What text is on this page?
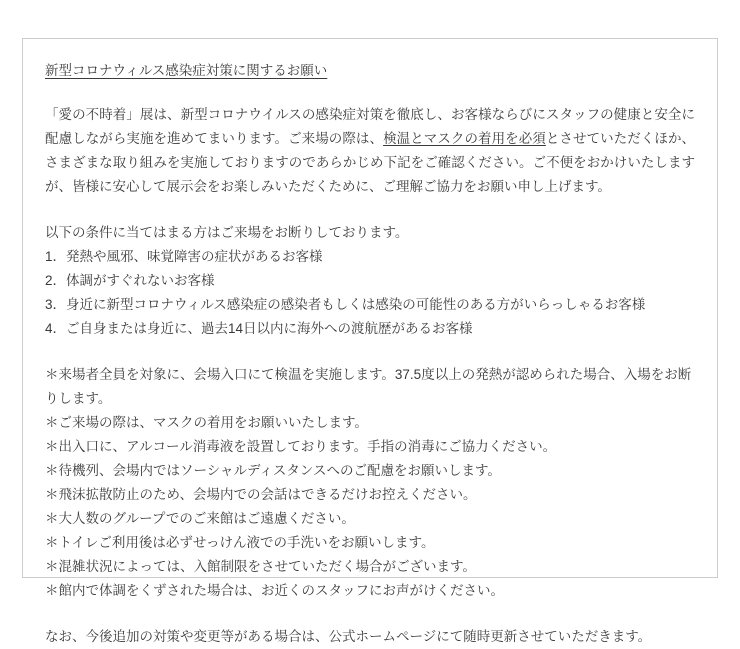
新型コロナウィルス感染症対策に関するお願い

「愛の不時着」展は、新型コロナウイルスの感染症対策を徹底し、お客様ならびにスタッフの健康と安全に配慮しながら実施を進めてまいります。ご来場の際は、検温とマスクの着用を必須とさせていただくほか、さまざまな取り組みを実施しておりますのであらかじめ下記をご確認ください。ご不便をおかけいたしますが、皆様に安心して展示会をお楽しみいただくために、ご理解ご協力をお願い申し上げます。

以下の条件に当てはまる方はご来場をお断りしております。

1．発熱や風邪、味覚障害の症状があるお客様

2．体調がすぐれないお客様

3．身近に新型コロナウィルス感染症の感染者もしくは感染の可能性のある方がいらっしゃるお客様

4．ご自身または身近に、過去14日以内に海外への渡航歴があるお客様

＊来場者全員を対象に、会場入口にて検温を実施します。37.5度以上の発熱が認められた場合、入場をお断りします。

＊ご来場の際は、マスクの着用をお願いいたします。

＊出入口に、アルコール消毒液を設置しております。手指の消毒にご協力ください。

＊待機列、会場内ではソーシャルディスタンスへのご配慮をお願いします。

＊飛沫拡散防止のため、会場内での会話はできるだけお控えください。

＊大人数のグループでのご来館はご遠慮ください。

＊トイレご利用後は必ずせっけん液での手洗いをお願いします。

＊混雑状況によっては、入館制限をさせていただく場合がございます。

＊館内で体調をくずされた場合は、お近くのスタッフにお声がけください。

なお、今後追加の対策や変更等がある場合は、公式ホームページにて随時更新させていただきます。
